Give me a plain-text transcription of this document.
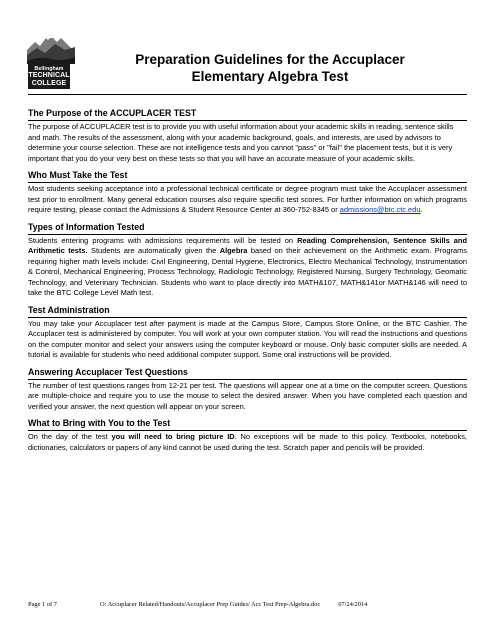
Bellingham
TECHNICAL
COLLEGE
Preparation Guidelines for the Accuplacer
Elementary Algebra Test
The Purpose of the ACCUPLACER TEST

The purpose of ACCUPLACER test is to provide you with useful information about your academic skills in reading, sentence skills and math. The results of the assessment, along with your academic background, goals, and interests, are used by advisors to determine your course selection. These are not intelligence tests and you cannot "pass" or "fail" the placement tests, but it is very important that you do your very best on these tests so that you will have an accurate measure of your academic skills.

Who Must Take the Test

Most students seeking acceptance into a professional technical certificate or degree program must take the Accuplacer assessment test prior to enrollment. Many general education courses also require specific test scores. For further information on which programs require testing, please contact the Admissions & Student Resource Center at 360-752-8345 or admissions@btc.ctc.edu.

Types of Information Tested

Students entering programs with admissions requirements will be tested on Reading Comprehension, Sentence Skills and Arithmetic tests. Students are automatically given the Algebra based on their achievement on the Arithmetic exam. Programs requiring higher math levels include: Civil Engineering, Dental Hygiene, Electronics, Electro Mechanical Technology, Instrumentation & Control, Mechanical Engineering, Process Technology, Radiologic Technology, Registered Nursing, Surgery Technology, Geomatic Technology, and Veterinary Technician. Students who want to place directly into MATH&107, MATH&141or MATH&146 will need to take the BTC College Level Math test.

Test Administration

You may take your Accuplacer test after payment is made at the Campus Store, Campus Store Online, or the BTC Cashier. The Accuplacer test is administered by computer. You will work at your own computer station. You will read the instructions and questions on the computer monitor and select your answers using the computer keyboard or mouse. Only basic computer skills are needed. A tutorial is available for students who need additional computer support. Some oral instructions will be provided.

Answering Accuplacer Test Questions

The number of test questions ranges from 12-21 per test. The questions will appear one at a time on the computer screen. Questions are multiple-choice and require you to use the mouse to select the desired answer. When you have completed each question and verified your answer, the next question will appear on your screen.

What to Bring with You to the Test

On the day of the test you will need to bring picture ID. No exceptions will be made to this policy. Textbooks, notebooks, dictionaries, calculators or papers of any kind cannot be used during the test. Scratch paper and pencils will be provided.

Page 1 of 7	O: Accuplacer Related/Handouts/Accuplacer Prep Guides/ Acc Test Prep-Algebra.doc	07/24/2014
